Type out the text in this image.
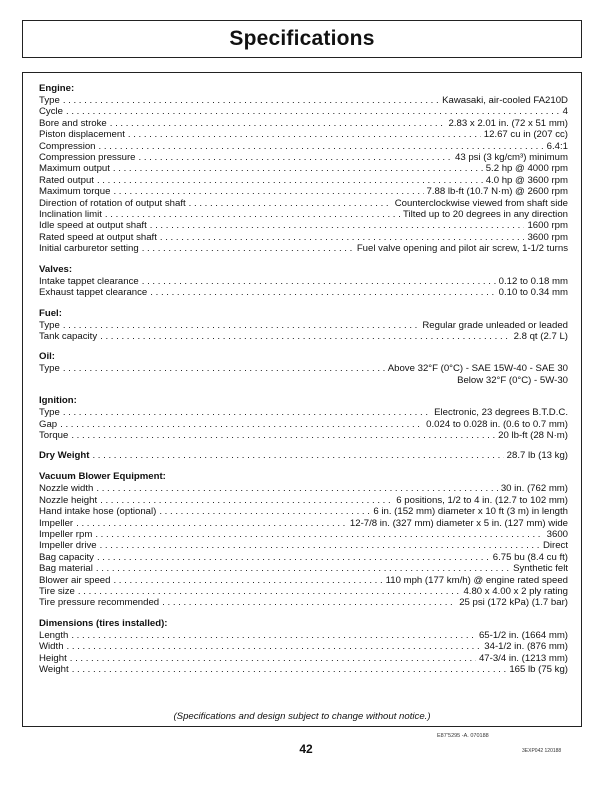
Specifications
Engine:
Type . . .	Kawasaki, air-cooled FA210D
Cycle . . .	4
Bore and stroke . . .	2.83 x 2.01 in. (72 x 51 mm)
Piston displacement . . .	12.67 cu in (207 cc)
Compression . . .	6.4:1
Compression pressure . . .	43 psi (3 kg/cm³) minimum
Maximum output . . .	5.2 hp @ 4000 rpm
Rated output . . .	4.0 hp @ 3600 rpm
Maximum torque . . .	7.88 lb-ft (10.7 N·m) @ 2600 rpm
Direction of rotation of output shaft . . .	Counterclockwise viewed from shaft side
Inclination limit . . .	Tilted up to 20 degrees in any direction
Idle speed at output shaft . . .	1600 rpm
Rated speed at output shaft . . .	3600 rpm
Initial carburetor setting . . .	Fuel valve opening and pilot air screw, 1-1/2 turns
Valves:
Intake tappet clearance . . .	0.12 to 0.18 mm
Exhaust tappet clearance . . .	0.10 to 0.34 mm
Fuel:
Type . . .	Regular grade unleaded or leaded
Tank capacity . . .	2.8 qt (2.7 L)
Oil:
Type . . .	Above 32°F (0°C) - SAE 15W-40 - SAE 30
Below 32°F (0°C) - 5W-30
Ignition:
Type . . .	Electronic, 23 degrees B.T.D.C.
Gap . . .	0.024 to 0.028 in. (0.6 to 0.7 mm)
Torque . . .	20 lb-ft (28 N·m)
Dry Weight . . .	28.7 lb (13 kg)
Vacuum Blower Equipment:
Nozzle width . . .	30 in. (762 mm)
Nozzle height . . .	6 positions, 1/2 to 4 in. (12.7 to 102 mm)
Hand intake hose (optional) . . .	6 in. (152 mm) diameter x 10 ft (3 m) in length
Impeller . . .	12-7/8 in. (327 mm) diameter x 5 in. (127 mm) wide
Impeller rpm . . .	3600
Impeller drive . . .	Direct
Bag capacity . . .	6.75 bu (8.4 cu ft)
Bag material . . .	Synthetic felt
Blower air speed . . .	110 mph (177 km/h) @ engine rated speed
Tire size . . .	4.80 x 4.00 x 2 ply rating
Tire pressure recommended . . .	25 psi (172 kPa) (1.7 bar)
Dimensions (tires installed):
Length . . .	65-1/2 in. (1664 mm)
Width . . .	34-1/2 in. (876 mm)
Height . . .	47-3/4 in. (1213 mm)
Weight . . .	165 lb (75 kg)
(Specifications and design subject to change without notice.)
E87’5295 -A. 070188
42	3EXP042 120188
